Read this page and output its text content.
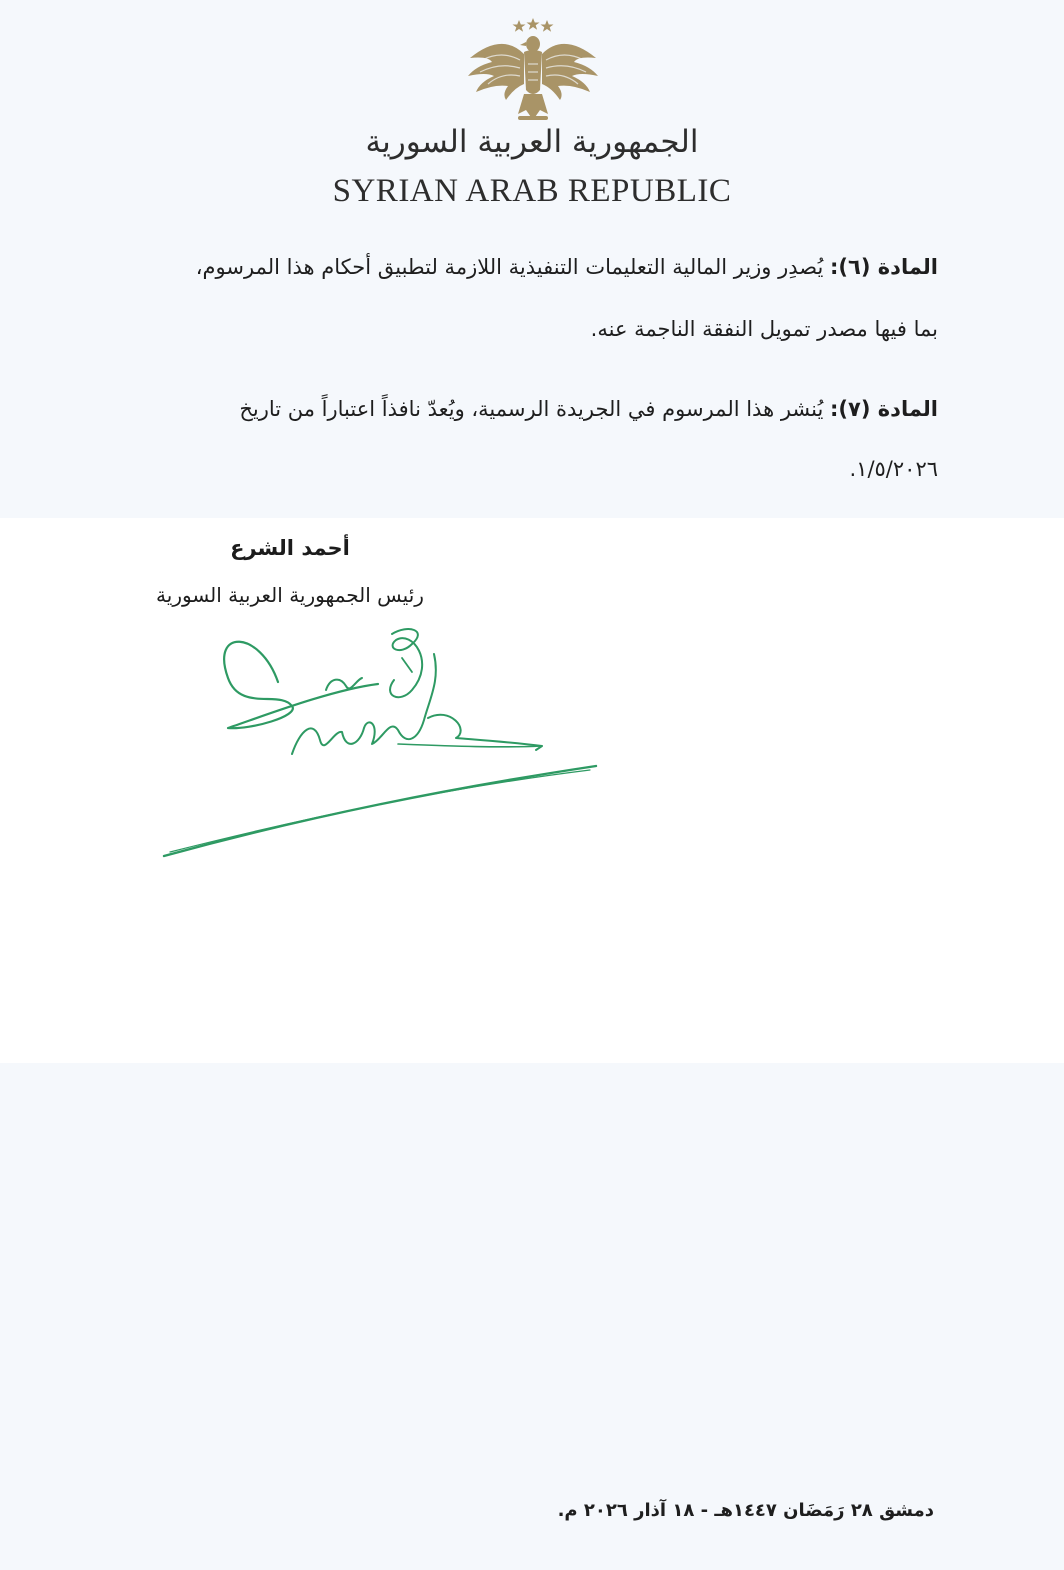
الجمهورية العربية السورية
SYRIAN ARAB REPUBLIC
المادة (٦): يُصدِر وزير المالية التعليمات التنفيذية اللازمة لتطبيق أحكام هذا المرسوم،
بما فيها مصدر تمويل النفقة الناجمة عنه.
المادة (٧): يُنشر هذا المرسوم في الجريدة الرسمية، ويُعدّ نافذاً اعتباراً من تاريخ
١/٥/٢٠٢٦.
أحمد الشرع
رئيس الجمهورية العربية السورية
دمشق ٢٨ رَمَضَان ١٤٤٧هـ - ١٨ آذار ٢٠٢٦ م.
